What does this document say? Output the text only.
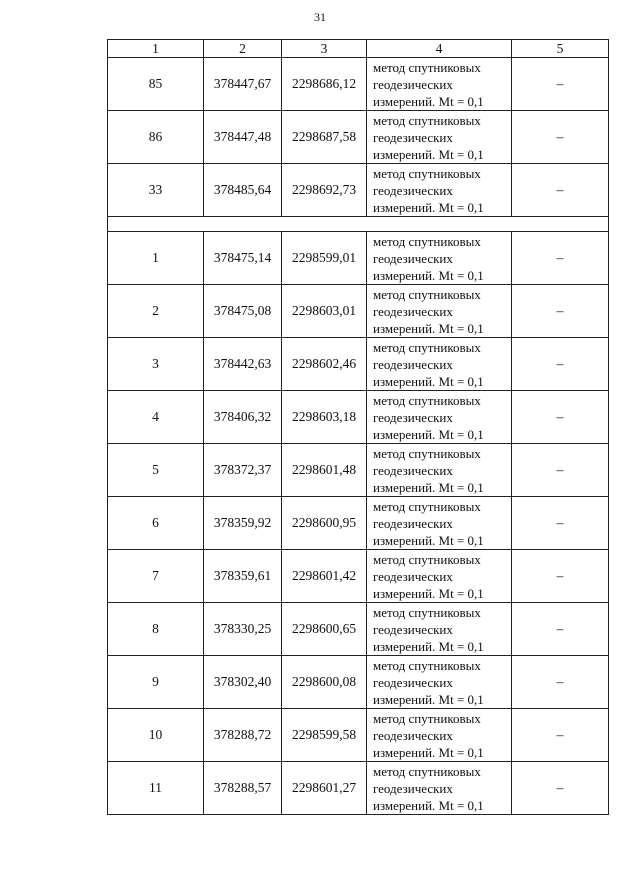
31
1	2	3	4	5
85	378447,67	2298686,12	метод спутниковых
геодезических
измерений. Mt = 0,1	–
86	378447,48	2298687,58	метод спутниковых
геодезических
измерений. Mt = 0,1	–
33	378485,64	2298692,73	метод спутниковых
геодезических
измерений. Mt = 0,1	–

1	378475,14	2298599,01	метод спутниковых
геодезических
измерений. Mt = 0,1	–
2	378475,08	2298603,01	метод спутниковых
геодезических
измерений. Mt = 0,1	–
3	378442,63	2298602,46	метод спутниковых
геодезических
измерений. Mt = 0,1	–
4	378406,32	2298603,18	метод спутниковых
геодезических
измерений. Mt = 0,1	–
5	378372,37	2298601,48	метод спутниковых
геодезических
измерений. Mt = 0,1	–
6	378359,92	2298600,95	метод спутниковых
геодезических
измерений. Mt = 0,1	–
7	378359,61	2298601,42	метод спутниковых
геодезических
измерений. Mt = 0,1	–
8	378330,25	2298600,65	метод спутниковых
геодезических
измерений. Mt = 0,1	–
9	378302,40	2298600,08	метод спутниковых
геодезических
измерений. Mt = 0,1	–
10	378288,72	2298599,58	метод спутниковых
геодезических
измерений. Mt = 0,1	–
11	378288,57	2298601,27	метод спутниковых
геодезических
измерений. Mt = 0,1	–
